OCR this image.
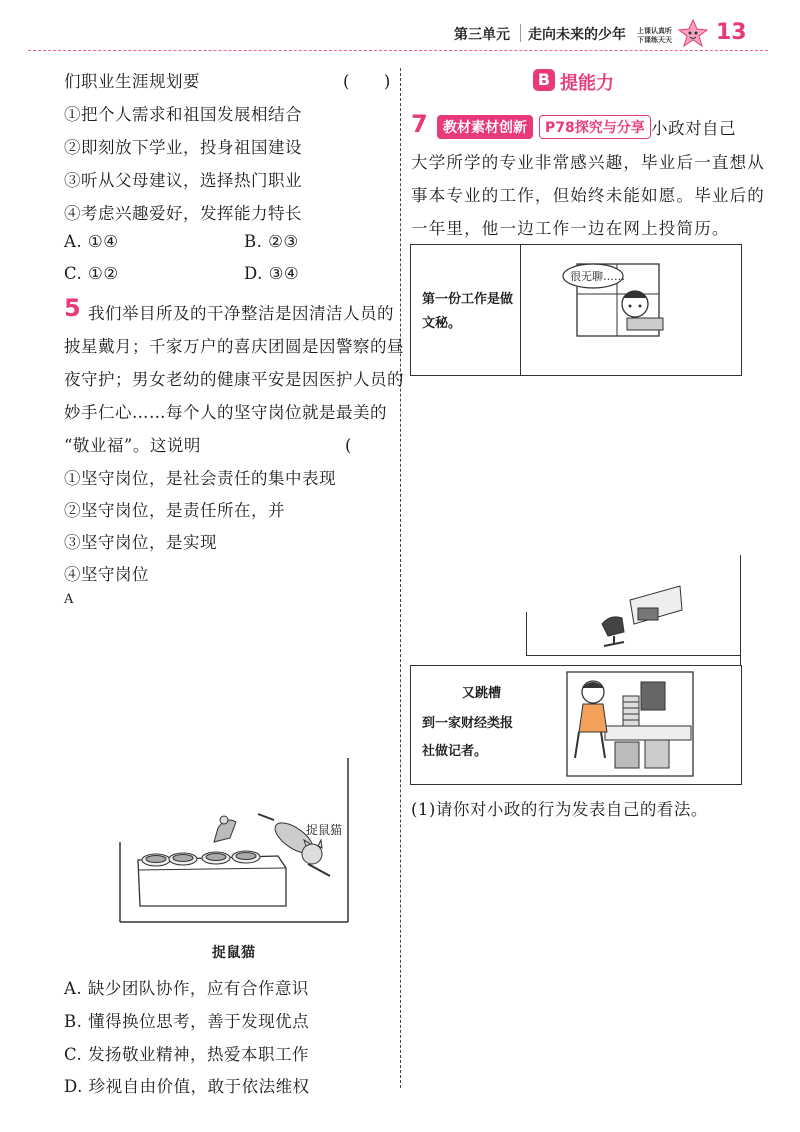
第三单元 走向未来的少年 上课认真听
下课练天天 13
们职业生涯规划要	(　　)
①把个人需求和祖国发展相结合
②即刻放下学业，投身祖国建设
③听从父母建议，选择热门职业
④考虑兴趣爱好，发挥能力特长
A. ①④	B. ②③
C. ①②	D. ③④
5 我们举目所及的干净整洁是因清洁人员的
披星戴月；千家万户的喜庆团圆是因警察的昼
夜守护；男女老幼的健康平安是因医护人员的
妙手仁心……每个人的坚守岗位就是最美的
“敬业福”。这说明	(　
①坚守岗位，是社会责任的集中表现
②坚守岗位，是责任所在，并
③坚守岗位，是实现
④坚守岗位
A
捉鼠猫
捉鼠猫
A. 缺少团队协作，应有合作意识
B. 懂得换位思考，善于发现优点
C. 发扬敬业精神，热爱本职工作
D. 珍视自由价值，敢于依法维权
B 提能力
7	教材素材创新	P78探究与分享 小政对自己
大学所学的专业非常感兴趣，毕业后一直想从
事本专业的工作，但始终未能如愿。毕业后的
一年里，他一边工作一边在网上投简历。
第一份工作是做
文秘。
很无聊……
又跳槽
到一家财经类报
社做记者。
(1)请你对小政的行为发表自己的看法。
